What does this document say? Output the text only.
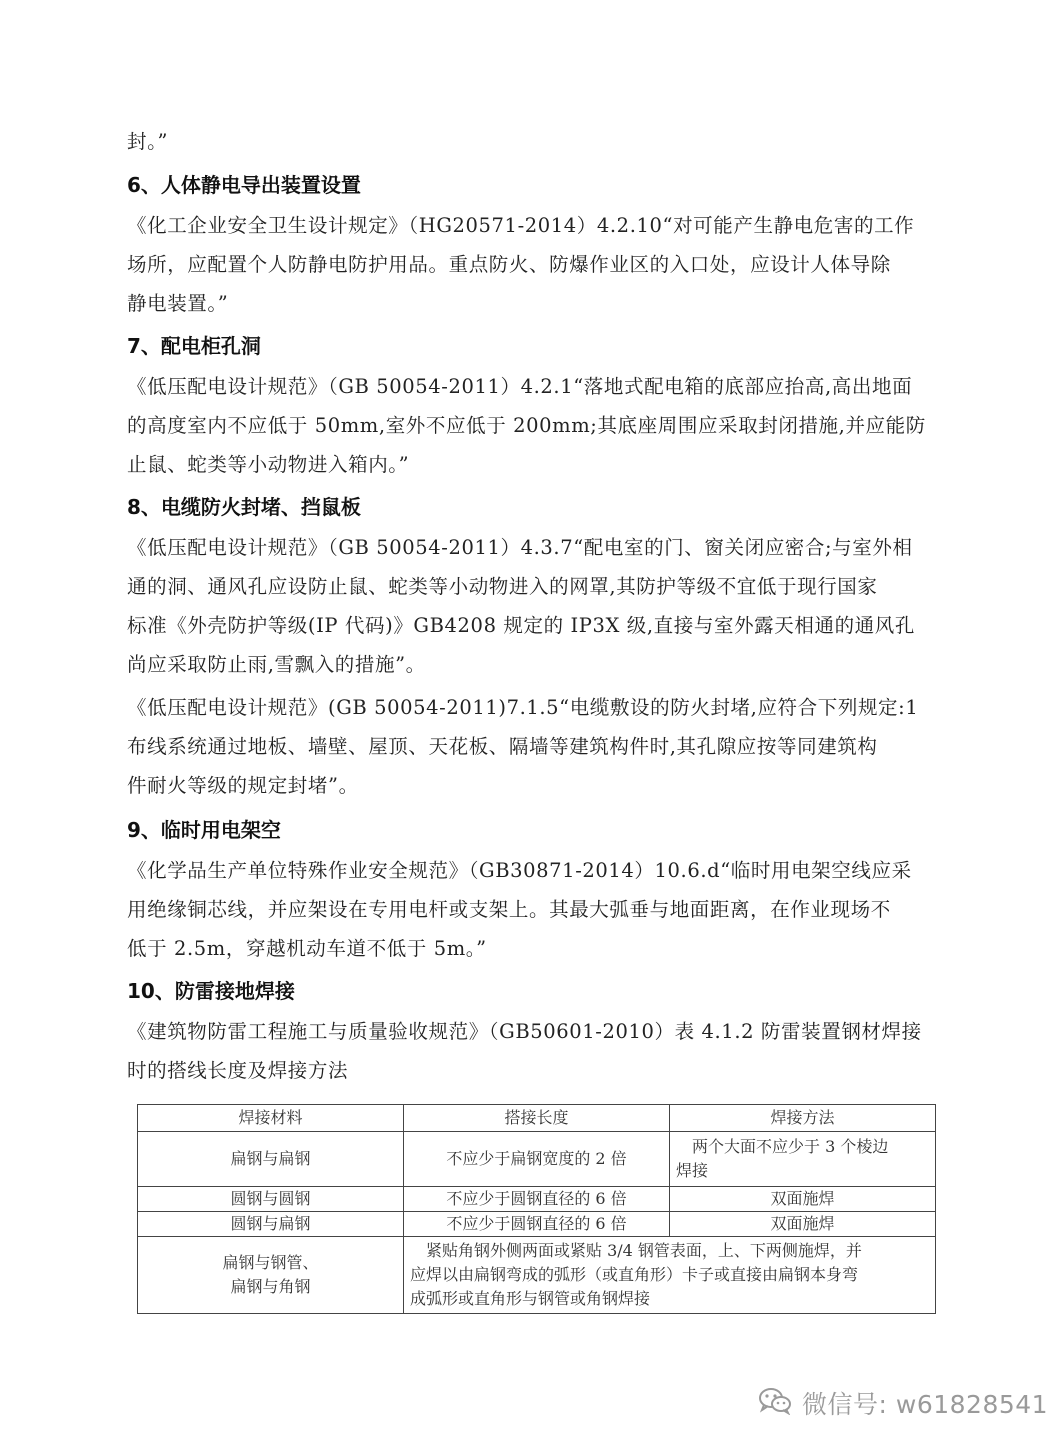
封。”
6、人体静电导出装置设置
《化工企业安全卫生设计规定》（HG20571-2014）4.2.10“对可能产生静电危害的工作
场所，应配置个人防静电防护用品。重点防火、防爆作业区的入口处，应设计人体导除
静电装置。”
7、配电柜孔洞
《低压配电设计规范》（GB 50054-2011）4.2.1“落地式配电箱的底部应抬高,高出地面
的高度室内不应低于 50mm,室外不应低于 200mm;其底座周围应采取封闭措施,并应能防
止鼠、蛇类等小动物进入箱内。”
8、电缆防火封堵、挡鼠板
《低压配电设计规范》（GB 50054-2011）4.3.7“配电室的门、窗关闭应密合;与室外相
通的洞、通风孔应设防止鼠、蛇类等小动物进入的网罩,其防护等级不宜低于现行国家
标准《外壳防护等级(IP 代码)》GB4208 规定的 IP3X 级,直接与室外露天相通的通风孔
尚应采取防止雨,雪飘入的措施”。
《低压配电设计规范》(GB 50054-2011)7.1.5“电缆敷设的防火封堵,应符合下列规定:1
布线系统通过地板、墙壁、屋顶、天花板、隔墙等建筑构件时,其孔隙应按等同建筑构
件耐火等级的规定封堵”。
9、临时用电架空
《化学品生产单位特殊作业安全规范》（GB30871-2014）10.6.d“临时用电架空线应采
用绝缘铜芯线，并应架设在专用电杆或支架上。其最大弧垂与地面距离，在作业现场不
低于 2.5m，穿越机动车道不低于 5m。”
10、防雷接地焊接
《建筑物防雷工程施工与质量验收规范》（GB50601-2010）表 4.1.2 防雷装置钢材焊接
时的搭线长度及焊接方法
焊接材料	搭接长度	焊接方法
扁钢与扁钢	不应少于扁钢宽度的 2 倍	　两个大面不应少于 3 个棱边
焊接
圆钢与圆钢	不应少于圆钢直径的 6 倍	双面施焊
圆钢与扁钢	不应少于圆钢直径的 6 倍	双面施焊
扁钢与钢管、
扁钢与角钢	　紧贴角钢外侧两面或紧贴 3/4 钢管表面，上、下两侧施焊，并
应焊以由扁钢弯成的弧形（或直角形）卡子或直接由扁钢本身弯
成弧形或直角形与钢管或角钢焊接	
微信号: w61828541
